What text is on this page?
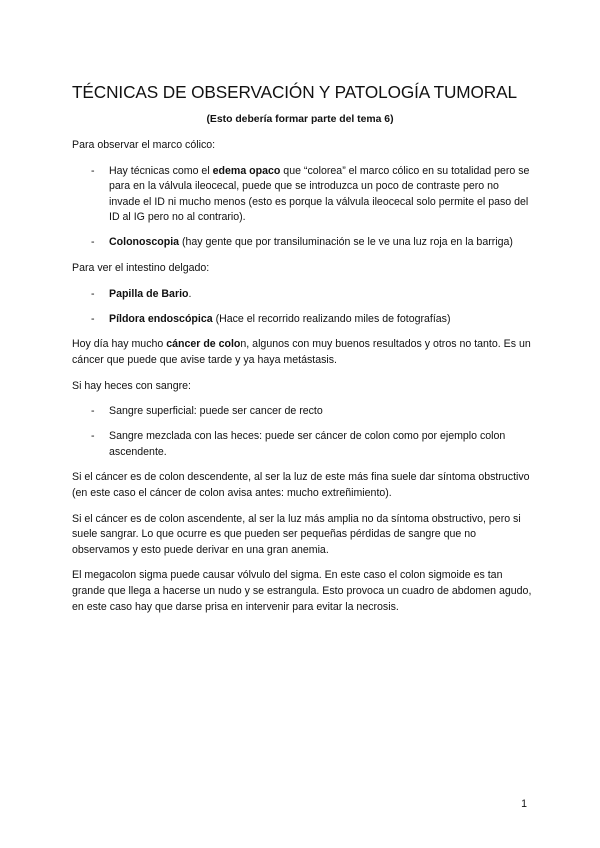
TÉCNICAS DE OBSERVACIÓN Y PATOLOGÍA TUMORAL

(Esto debería formar parte del tema 6)

Para observar el marco cólico:

- Hay técnicas como el edema opaco que “colorea” el marco cólico en su totalidad pero se para en la válvula ileocecal, puede que se introduzca un poco de contraste pero no invade el ID ni mucho menos (esto es porque la válvula ileocecal solo permite el paso del ID al IG pero no al contrario).
- Colonoscopia (hay gente que por transiluminación se le ve una luz roja en la barriga)

Para ver el intestino delgado:

- Papilla de Bario.
- Píldora endoscópica (Hace el recorrido realizando miles de fotografías)

Hoy día hay mucho cáncer de colon, algunos con muy buenos resultados y otros no tanto. Es un cáncer que puede que avise tarde y ya haya metástasis.

Si hay heces con sangre:

- Sangre superficial: puede ser cancer de recto
- Sangre mezclada con las heces: puede ser cáncer de colon como por ejemplo colon ascendente.

Si el cáncer es de colon descendente, al ser la luz de este más fina suele dar síntoma obstructivo (en este caso el cáncer de colon avisa antes: mucho extreñimiento).

Si el cáncer es de colon ascendente, al ser la luz más amplia no da síntoma obstructivo, pero si suele sangrar. Lo que ocurre es que pueden ser pequeñas pérdidas de sangre que no observamos y esto puede derivar en una gran anemia.

El megacolon sigma puede causar vólvulo del sigma. En este caso el colon sigmoide es tan grande que llega a hacerse un nudo y se estrangula. Esto provoca un cuadro de abdomen agudo, en este caso hay que darse prisa en intervenir para evitar la necrosis.

1
